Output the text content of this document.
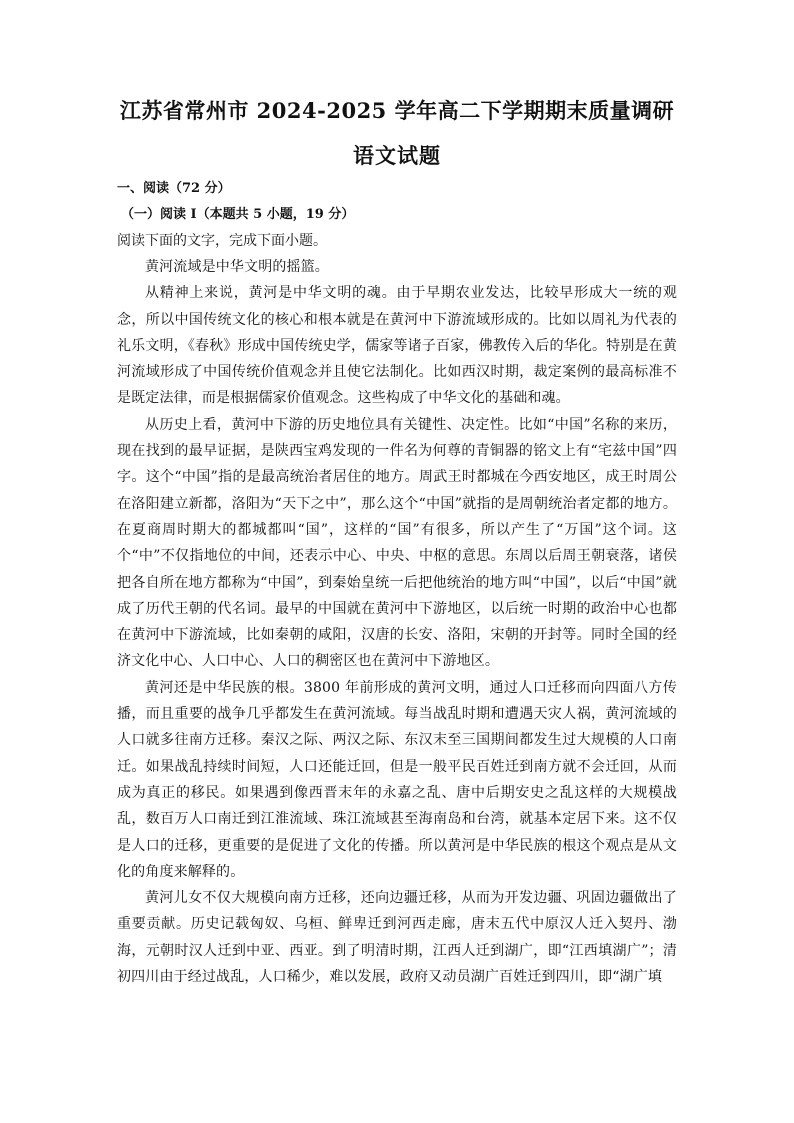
江苏省常州市 2024-2025 学年高二下学期期末质量调研
语文试题
一、阅读（72 分）
（一）阅读 I（本题共 5 小题，19 分）
阅读下面的文字，完成下面小题。

黄河流域是中华文明的摇篮。

从精神上来说，黄河是中华文明的魂。由于早期农业发达，比较早形成大一统的观念，所以中国传统文化的核心和根本就是在黄河中下游流域形成的。比如以周礼为代表的礼乐文明，《春秋》形成中国传统史学，儒家等诸子百家，佛教传入后的华化。特别是在黄河流域形成了中国传统价值观念并且使它法制化。比如西汉时期，裁定案例的最高标准不是既定法律，而是根据儒家价值观念。这些构成了中华文化的基础和魂。

从历史上看，黄河中下游的历史地位具有关键性、决定性。比如“中国”名称的来历，现在找到的最早证据，是陕西宝鸡发现的一件名为何尊的青铜器的铭文上有“宅兹中国”四字。这个“中国”指的是最高统治者居住的地方。周武王时都城在今西安地区，成王时周公在洛阳建立新都，洛阳为“天下之中”，那么这个“中国”就指的是周朝统治者定都的地方。在夏商周时期大的都城都叫“国”，这样的“国”有很多，所以产生了“万国”这个词。这个“中”不仅指地位的中间，还表示中心、中央、中枢的意思。东周以后周王朝衰落，诸侯把各自所在地方都称为“中国”，到秦始皇统一后把他统治的地方叫“中国”，以后“中国”就成了历代王朝的代名词。最早的中国就在黄河中下游地区，以后统一时期的政治中心也都在黄河中下游流域，比如秦朝的咸阳，汉唐的长安、洛阳，宋朝的开封等。同时全国的经济文化中心、人口中心、人口的稠密区也在黄河中下游地区。

黄河还是中华民族的根。3800 年前形成的黄河文明，通过人口迁移而向四面八方传播，而且重要的战争几乎都发生在黄河流域。每当战乱时期和遭遇天灾人祸，黄河流域的人口就多往南方迁移。秦汉之际、两汉之际、东汉末至三国期间都发生过大规模的人口南迁。如果战乱持续时间短，人口还能迁回，但是一般平民百姓迁到南方就不会迁回，从而成为真正的移民。如果遇到像西晋末年的永嘉之乱、唐中后期安史之乱这样的大规模战乱，数百万人口南迁到江淮流域、珠江流域甚至海南岛和台湾，就基本定居下来。这不仅是人口的迁移，更重要的是促进了文化的传播。所以黄河是中华民族的根这个观点是从文化的角度来解释的。

黄河儿女不仅大规模向南方迁移，还向边疆迁移，从而为开发边疆、巩固边疆做出了重要贡献。历史记载匈奴、乌桓、鲜卑迁到河西走廊，唐末五代中原汉人迁入契丹、渤海，元朝时汉人迁到中亚、西亚。到了明清时期，江西人迁到湖广，即“江西填湖广”；清初四川由于经过战乱，人口稀少，难以发展，政府又动员湖广百姓迁到四川，即“湖广填
